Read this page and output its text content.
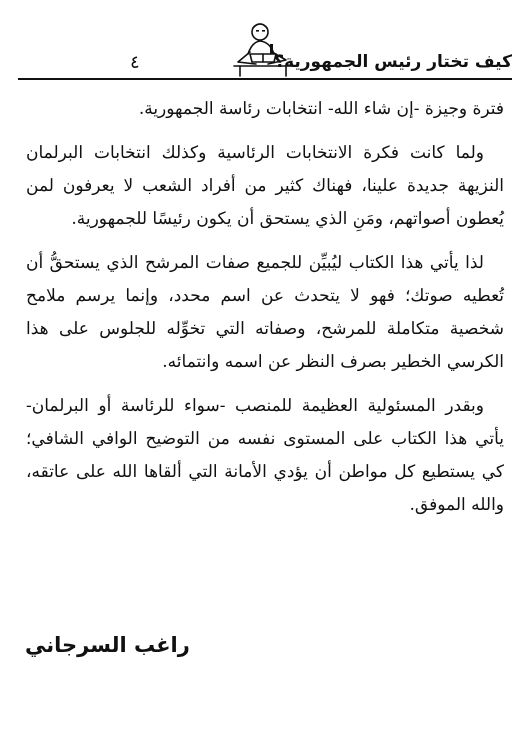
٤	كيف تختار رئيس الجمهورية؟

فترة وجيزة -إن شاء الله- انتخابات رئاسة الجمهورية.

ولما كانت فكرة الانتخابات الرئاسية وكذلك انتخابات البرلمان النزيهة جديدة علينا، فهناك كثير من أفراد الشعب لا يعرفون لمن يُعطون أصواتهم، ومَنِ الذي يستحق أن يكون رئيسًا للجمهورية.

لذا يأتي هذا الكتاب ليُبيِّن للجميع صفات المرشح الذي يستحقُّ أن تُعطيه صوتك؛ فهو لا يتحدث عن اسم محدد، وإنما يرسم ملامح شخصية متكاملة للمرشح، وصفاته التي تخوِّله للجلوس على هذا الكرسي الخطير بصرف النظر عن اسمه وانتمائه.

وبقدر المسئولية العظيمة للمنصب -سواء للرئاسة أو البرلمان- يأتي هذا الكتاب على المستوى نفسه من التوضيح الوافي الشافي؛ كي يستطيع كل مواطن أن يؤدي الأمانة التي ألقاها الله على عاتقه، والله الموفق.

راغب السرجاني
